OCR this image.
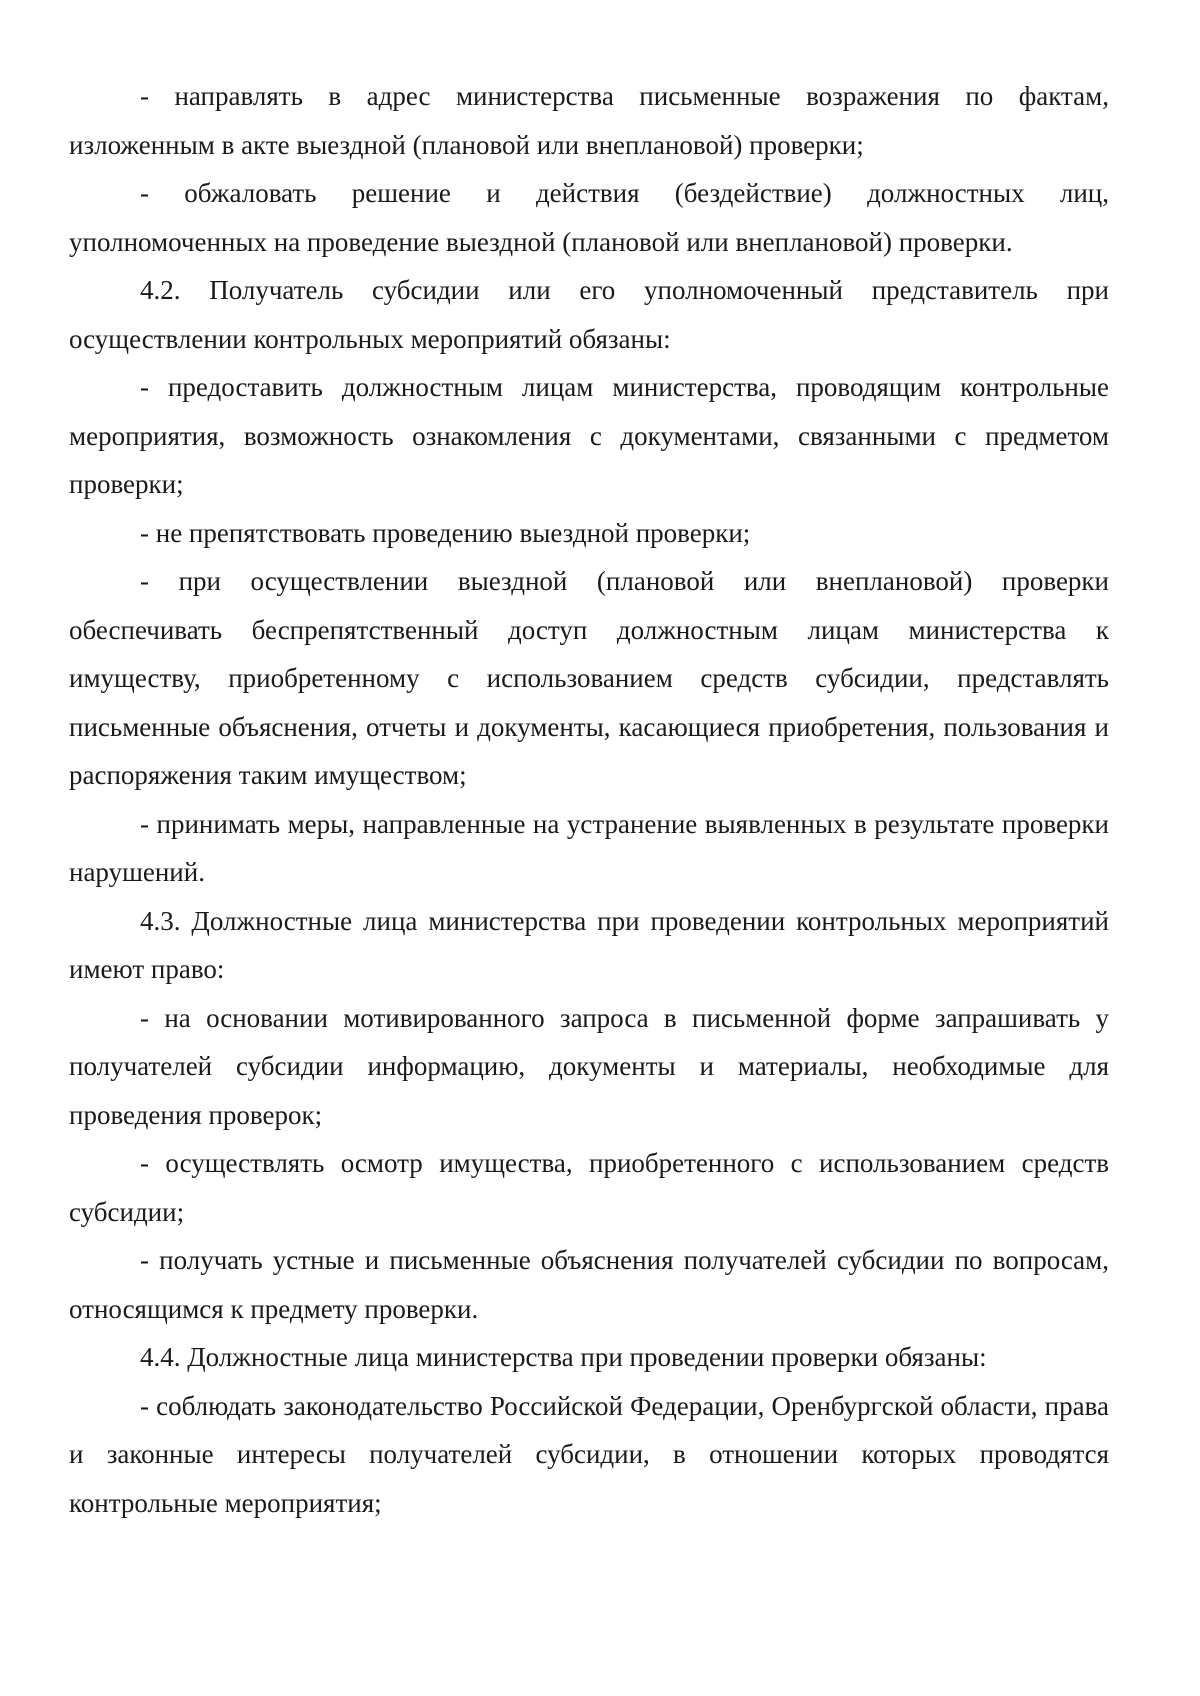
- направлять в адрес министерства письменные возражения по фактам, изложенным в акте выездной (плановой или внеплановой) проверки;

- обжаловать решение и действия (бездействие) должностных лиц, уполномоченных на проведение выездной (плановой или внеплановой) проверки.

4.2. Получатель субсидии или его уполномоченный представитель при осуществлении контрольных мероприятий обязаны:

- предоставить должностным лицам министерства, проводящим контрольные мероприятия, возможность ознакомления с документами, связанными с предметом проверки;

- не препятствовать проведению выездной проверки;

- при осуществлении выездной (плановой или внеплановой) проверки обеспечивать беспрепятственный доступ должностным лицам министерства к имуществу, приобретенному с использованием средств субсидии, представлять письменные объяснения, отчеты и документы, касающиеся приобретения, пользования и распоряжения таким имуществом;

- принимать меры, направленные на устранение выявленных в результате проверки нарушений.

4.3. Должностные лица министерства при проведении контрольных мероприятий имеют право:

- на основании мотивированного запроса в письменной форме запрашивать у получателей субсидии информацию, документы и материалы, необходимые для проведения проверок;

- осуществлять осмотр имущества, приобретенного с использованием средств субсидии;

- получать устные и письменные объяснения получателей субсидии по вопросам, относящимся к предмету проверки.

4.4. Должностные лица министерства при проведении проверки обязаны:

- соблюдать законодательство Российской Федерации, Оренбургской области, права и законные интересы получателей субсидии, в отношении которых проводятся контрольные мероприятия;
